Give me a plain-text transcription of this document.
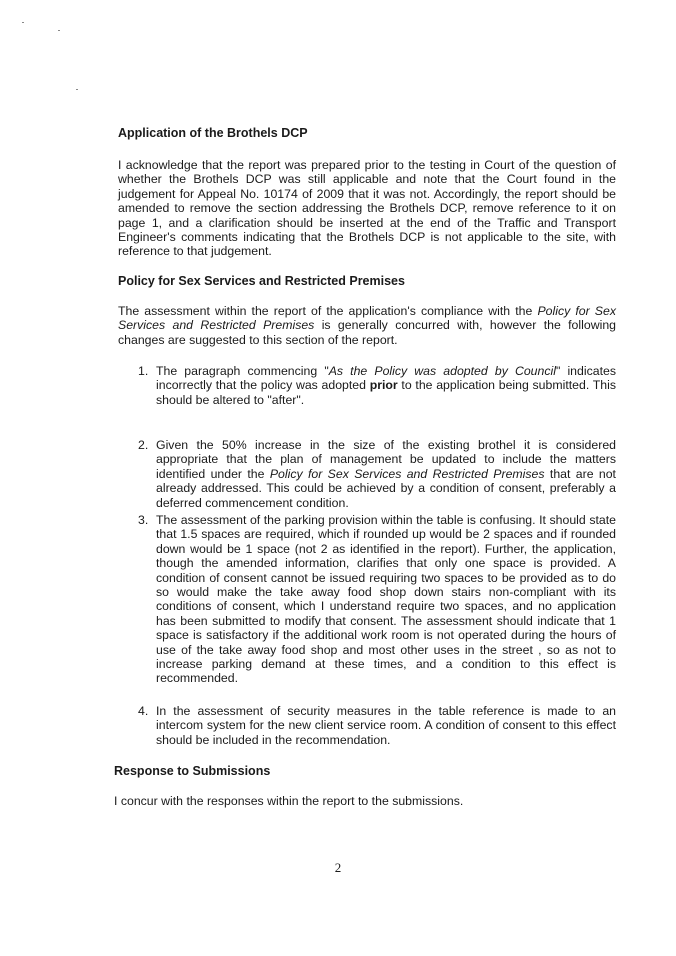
Application of the Brothels DCP

I acknowledge that the report was prepared prior to the testing in Court of the question of whether the Brothels DCP was still applicable and note that the Court found in the judgement for Appeal No. 10174 of 2009 that it was not. Accordingly, the report should be amended to remove the section addressing the Brothels DCP, remove reference to it on page 1, and a clarification should be inserted at the end of the Traffic and Transport Engineer's comments indicating that the Brothels DCP is not applicable to the site, with reference to that judgement.

Policy for Sex Services and Restricted Premises

The assessment within the report of the application's compliance with the Policy for Sex Services and Restricted Premises is generally concurred with, however the following changes are suggested to this section of the report.

1. The paragraph commencing "As the Policy was adopted by Council" indicates incorrectly that the policy was adopted prior to the application being submitted. This should be altered to "after".

2. Given the 50% increase in the size of the existing brothel it is considered appropriate that the plan of management be updated to include the matters identified under the Policy for Sex Services and Restricted Premises that are not already addressed. This could be achieved by a condition of consent, preferably a deferred commencement condition.

3. The assessment of the parking provision within the table is confusing. It should state that 1.5 spaces are required, which if rounded up would be 2 spaces and if rounded down would be 1 space (not 2 as identified in the report). Further, the application, though the amended information, clarifies that only one space is provided. A condition of consent cannot be issued requiring two spaces to be provided as to do so would make the take away food shop down stairs non-compliant with its conditions of consent, which I understand require two spaces, and no application has been submitted to modify that consent. The assessment should indicate that 1 space is satisfactory if the additional work room is not operated during the hours of use of the take away food shop and most other uses in the street , so as not to increase parking demand at these times, and a condition to this effect is recommended.

4. In the assessment of security measures in the table reference is made to an intercom system for the new client service room. A condition of consent to this effect should be included in the recommendation.

Response to Submissions

I concur with the responses within the report to the submissions.

2
